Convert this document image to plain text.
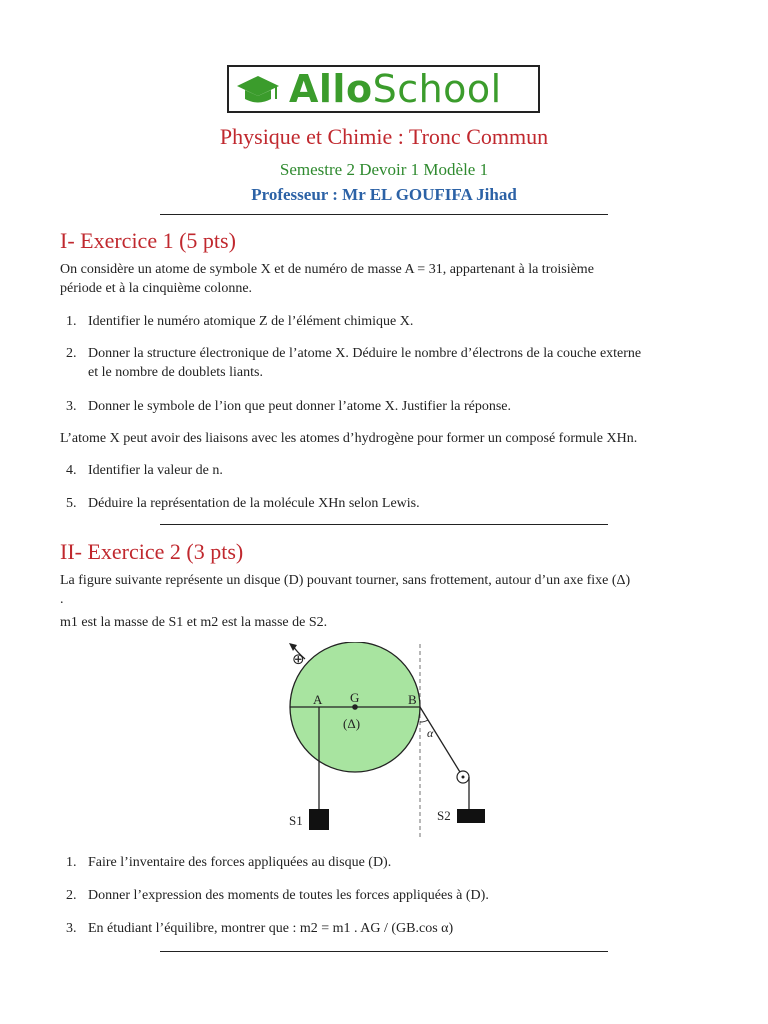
AlloSchool
Physique et Chimie : Tronc Commun
Semestre 2 Devoir 1 Modèle 1
Professeur : Mr EL GOUFIFA Jihad
I- Exercice 1 (5 pts)
On considère un atome de symbole X et de numéro de masse A = 31, appartenant à la troisième
période et à la cinquième colonne.
1. Identifier le numéro atomique Z de l’élément chimique X.
2. Donner la structure électronique de l’atome X. Déduire le nombre d’électrons de la couche externe
et le nombre de doublets liants.
3. Donner le symbole de l’ion que peut donner l’atome X. Justifier la réponse.
L’atome X peut avoir des liaisons avec les atomes d’hydrogène pour former un composé formule XHn.
4. Identifier la valeur de n.
5. Déduire la représentation de la molécule XHn selon Lewis.
II- Exercice 2 (3 pts)
La figure suivante représente un disque (D) pouvant tourner, sans frottement, autour d’un axe fixe (Δ)
.
m1 est la masse de S1 et m2 est la masse de S2.
⊕
A G	B
(Δ)
α
S1	S2
1. Faire l’inventaire des forces appliquées au disque (D).
2. Donner l’expression des moments de toutes les forces appliquées à (D).
3. En étudiant l’équilibre, montrer que : m2 = m1 . AG / (GB.cos α)
